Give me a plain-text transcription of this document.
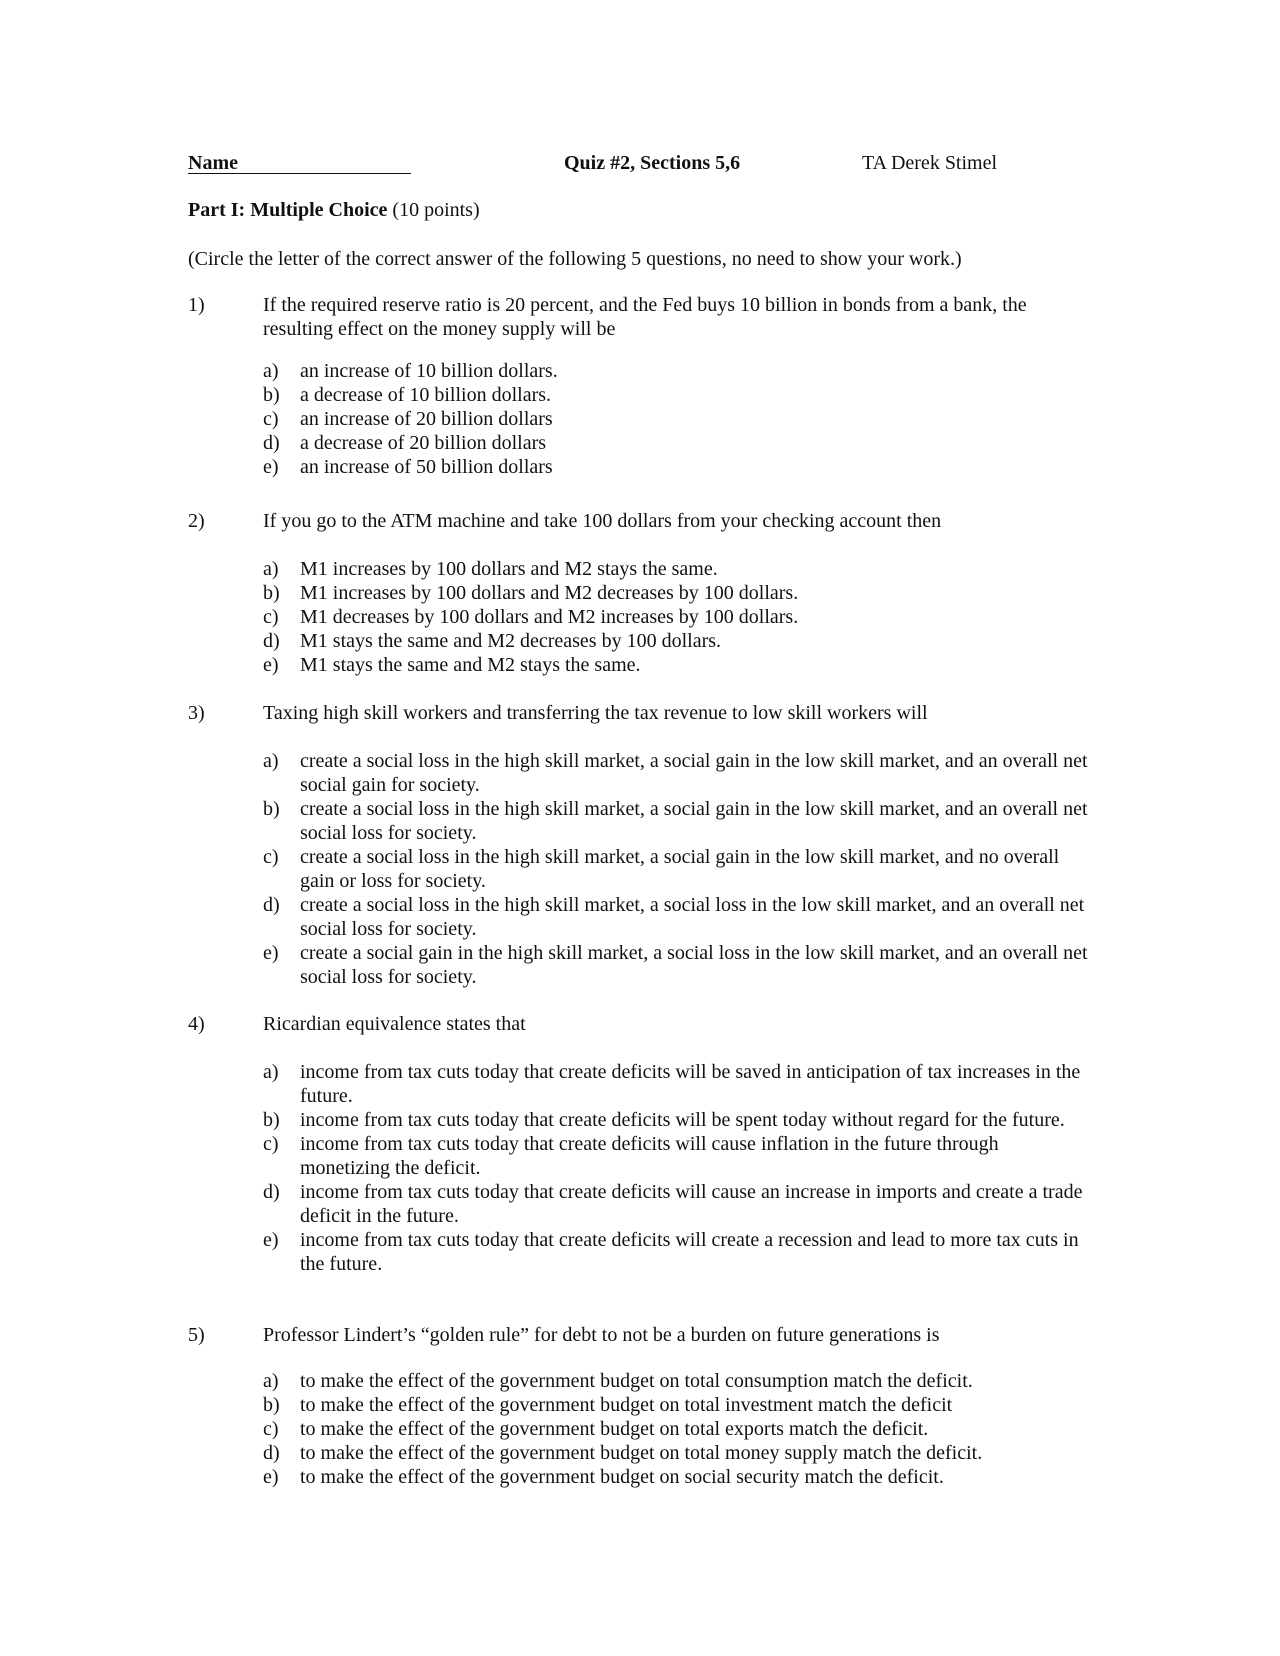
Name	Quiz #2, Sections 5,6	TA Derek Stimel
Part I: Multiple Choice (10 points)
(Circle the letter of the correct answer of the following 5 questions, no need to show your work.)
1)	If the required reserve ratio is 20 percent, and the Fed buys 10 billion in bonds from a bank, the resulting effect on the money supply will be
a) an increase of 10 billion dollars.
b) a decrease of 10 billion dollars.
c) an increase of 20 billion dollars
d) a decrease of 20 billion dollars
e) an increase of 50 billion dollars
2)	If you go to the ATM machine and take 100 dollars from your checking account then
a) M1 increases by 100 dollars and M2 stays the same.
b) M1 increases by 100 dollars and M2 decreases by 100 dollars.
c) M1 decreases by 100 dollars and M2 increases by 100 dollars.
d) M1 stays the same and M2 decreases by 100 dollars.
e) M1 stays the same and M2 stays the same.
3)	Taxing high skill workers and transferring the tax revenue to low skill workers will
a) create a social loss in the high skill market, a social gain in the low skill market, and an overall net social gain for society.
b) create a social loss in the high skill market, a social gain in the low skill market, and an overall net social loss for society.
c) create a social loss in the high skill market, a social gain in the low skill market, and no overall gain or loss for society.
d) create a social loss in the high skill market, a social loss in the low skill market, and an overall net social loss for society.
e) create a social gain in the high skill market, a social loss in the low skill market, and an overall net social loss for society.
4)	Ricardian equivalence states that
a) income from tax cuts today that create deficits will be saved in anticipation of tax increases in the future.
b) income from tax cuts today that create deficits will be spent today without regard for the future.
c) income from tax cuts today that create deficits will cause inflation in the future through monetizing the deficit.
d) income from tax cuts today that create deficits will cause an increase in imports and create a trade deficit in the future.
e) income from tax cuts today that create deficits will create a recession and lead to more tax cuts in the future.
5)	Professor Lindert’s “golden rule” for debt to not be a burden on future generations is
a) to make the effect of the government budget on total consumption match the deficit.
b) to make the effect of the government budget on total investment match the deficit
c) to make the effect of the government budget on total exports match the deficit.
d) to make the effect of the government budget on total money supply match the deficit.
e) to make the effect of the government budget on social security match the deficit.
